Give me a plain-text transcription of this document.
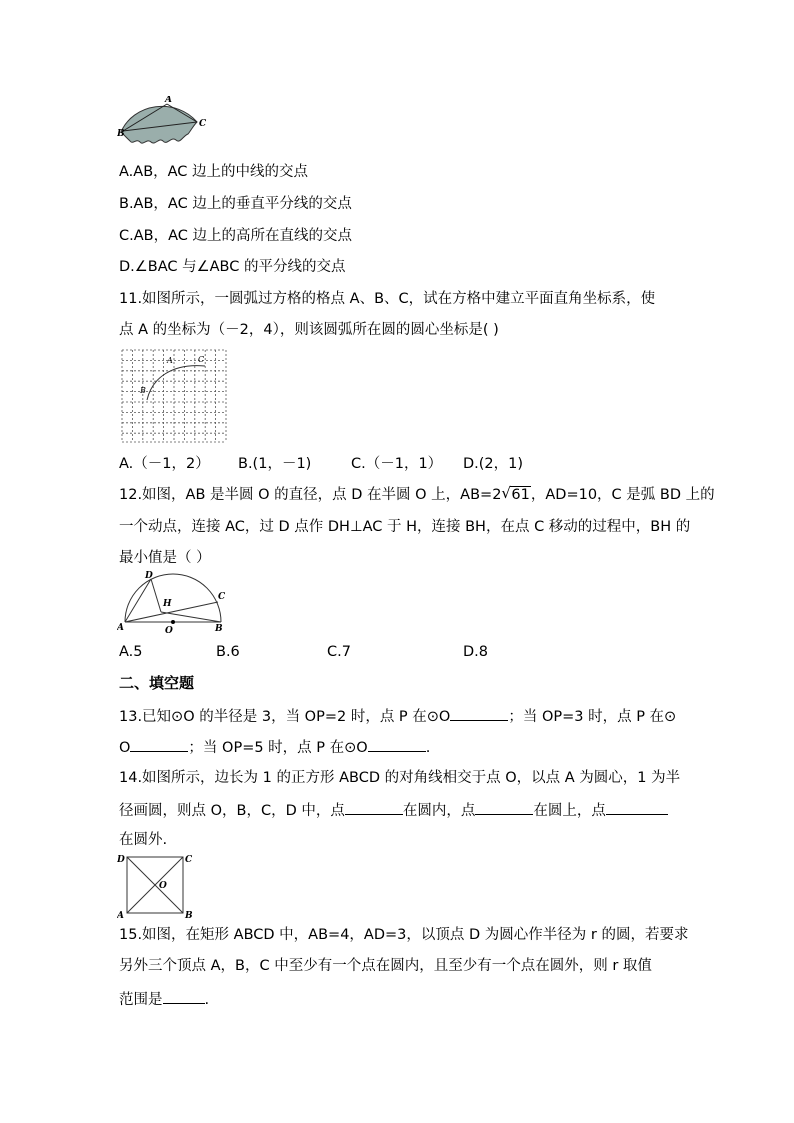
A
B
C
A.AB，AC 边上的中线的交点
B.AB，AC 边上的垂直平分线的交点
C.AB，AC 边上的高所在直线的交点
D.∠BAC 与∠ABC 的平分线的交点
11.如图所示，一圆弧过方格的格点 A、B、C，试在方格中建立平面直角坐标系，使
点 A 的坐标为（－2，4），则该圆弧所在圆的圆心坐标是( )
A
B
C
A.（－1，2） B.(1，－1)	C.（－1，1） D.(2，1)
12.如图，AB 是半圆 O 的直径，点 D 在半圆 O 上，AB=2 √ 61，AD=10，C 是弧 BD 上的
一个动点，连接 AC，过 D 点作 DH⊥AC 于 H，连接 BH，在点 C 移动的过程中，BH 的
最小值是（ ）
D
H
A	O	B
C
A.5	B.6	C.7	D.8
二、填空题
13.已知⊙O 的半径是 3，当 OP=2 时，点 P 在⊙O	；当 OP=3 时，点 P 在⊙
O	；当 OP=5 时，点 P 在⊙O	.
14.如图所示，边长为 1 的正方形 ABCD 的对角线相交于点 O，以点 A 为圆心，1 为半
径画圆，则点 O，B，C，D 中，点	在圆内，点	在圆上，点
在圆外.
D	C
A	B
O
15.如图，在矩形 ABCD 中，AB=4，AD=3，以顶点 D 为圆心作半径为 r 的圆，若要求
另外三个顶点 A，B，C 中至少有一个点在圆内，且至少有一个点在圆外，则 r 取值
范围是	.
